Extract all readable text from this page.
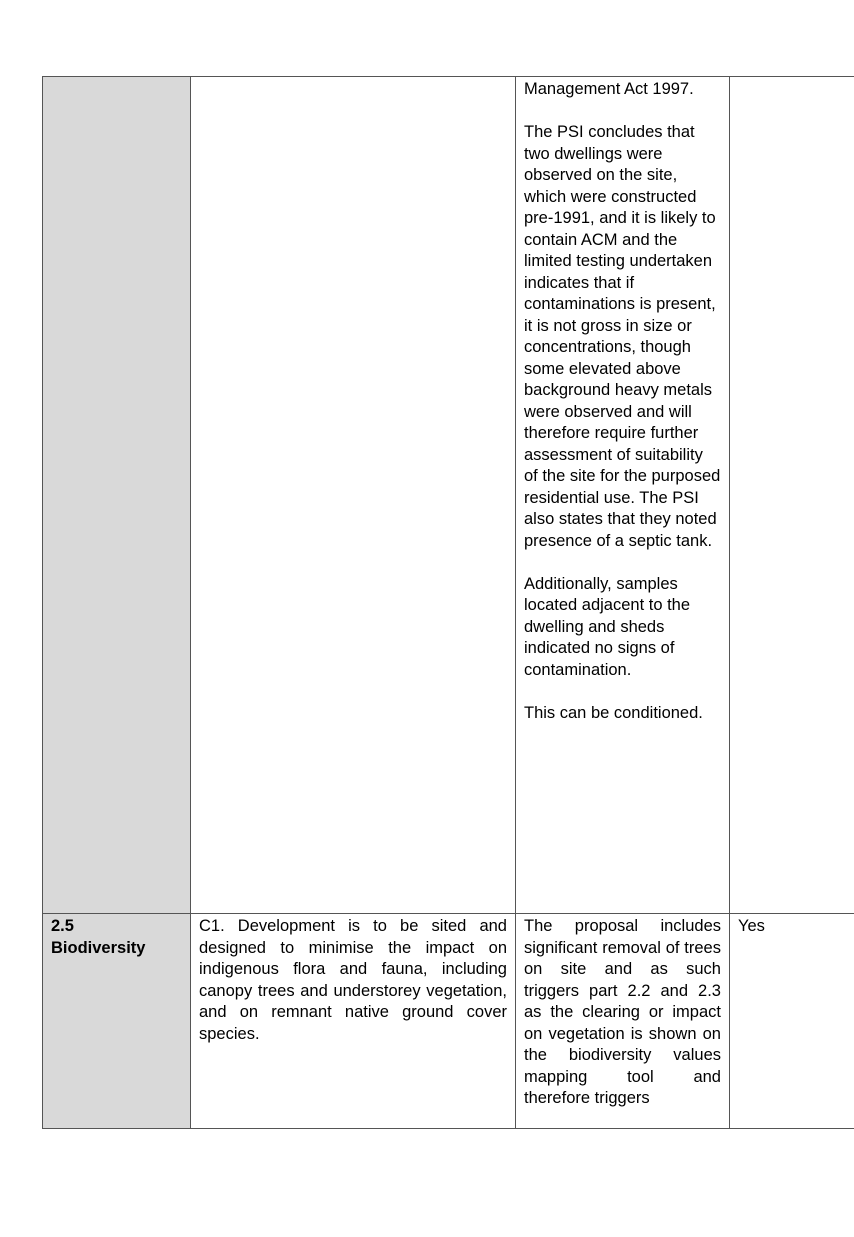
		Management Act 1997.

The PSI concludes that two dwellings were observed on the site, which were constructed pre-1991, and it is likely to contain ACM and the limited testing undertaken indicates that if contaminations is present, it is not gross in size or concentrations, though some elevated above background heavy metals were observed and will therefore require further assessment of suitability of the site for the purposed residential use. The PSI also states that they noted presence of a septic tank.

Additionally, samples located adjacent to the dwelling and sheds indicated no signs of contamination.

This can be conditioned.	

2.5
Biodiversity	C1. Development is to be sited and designed to minimise the impact on indigenous flora and fauna, including canopy trees and understorey vegetation, and on remnant native ground cover species.	The proposal includes significant removal of trees on site and as such triggers part 2.2 and 2.3 as the clearing or impact on vegetation is shown on the biodiversity values mapping tool and therefore triggers	Yes
